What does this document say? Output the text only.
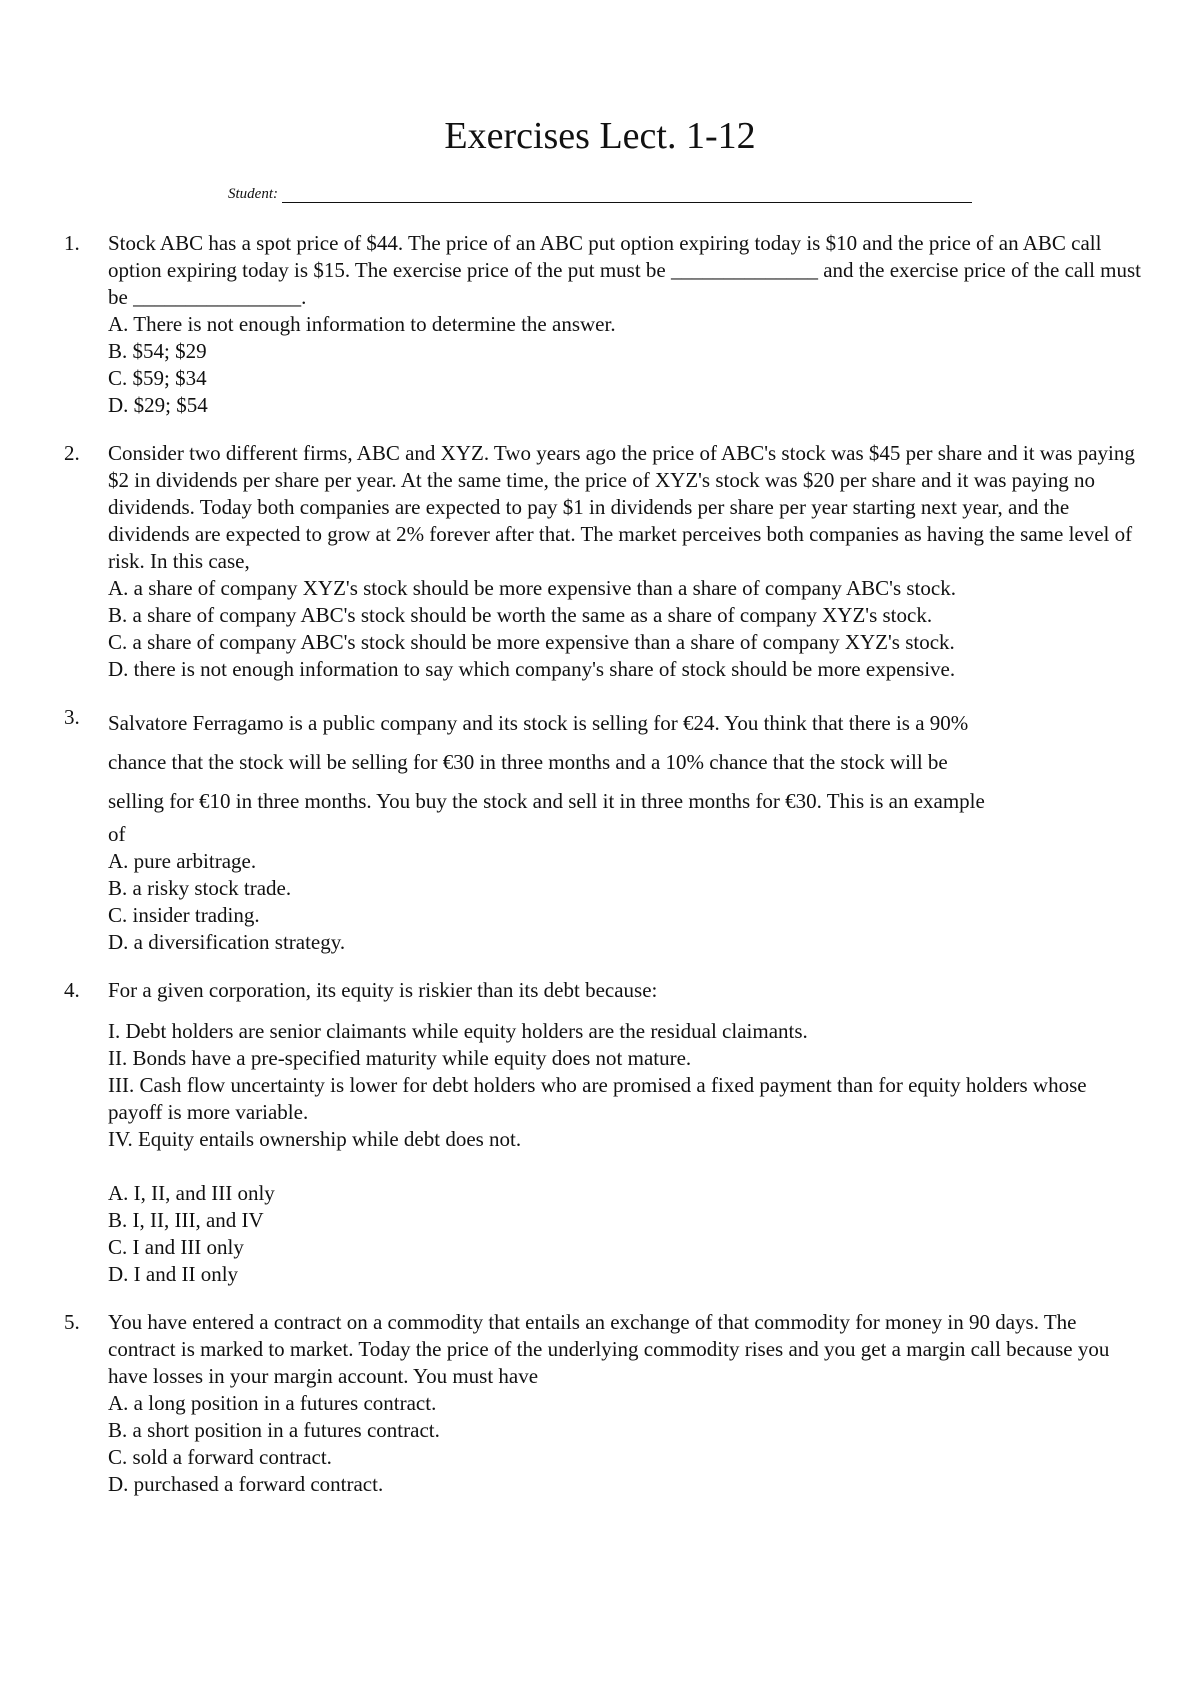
Exercises Lect. 1-12
Student:
1.	Stock ABC has a spot price of $44. The price of an ABC put option expiring today is $10 and the price of an ABC call option expiring today is $15. The exercise price of the put must be ______________ and the exercise price of the call must be ________________.

A. There is not enough information to determine the answer.
B. $54; $29
C. $59; $34
D. $29; $54
2.	Consider two different firms, ABC and XYZ. Two years ago the price of ABC's stock was $45 per share and it was paying $2 in dividends per share per year. At the same time, the price of XYZ's stock was $20 per share and it was paying no dividends. Today both companies are expected to pay $1 in dividends per share per year starting next year, and the dividends are expected to grow at 2% forever after that. The market perceives both companies as having the same level of risk. In this case,

A. a share of company XYZ's stock should be more expensive than a share of company ABC's stock.
B. a share of company ABC's stock should be worth the same as a share of company XYZ's stock.
C. a share of company ABC's stock should be more expensive than a share of company XYZ's stock.
D. there is not enough information to say which company's share of stock should be more expensive.
3.	Salvatore Ferragamo is a public company and its stock is selling for €24. You think that there is a 90%
chance that the stock will be selling for €30 in three months and a 10% chance that the stock will be
selling for €10 in three months. You buy the stock and sell it in three months for €30. This is an example
of
A. pure arbitrage.
B. a risky stock trade.
C. insider trading.
D. a diversification strategy.
4.	For a given corporation, its equity is riskier than its debt because:

I. Debt holders are senior claimants while equity holders are the residual claimants.
II. Bonds have a pre-specified maturity while equity does not mature.
III. Cash flow uncertainty is lower for debt holders who are promised a fixed payment than for equity holders whose payoff is more variable.
IV. Equity entails ownership while debt does not.
A. I, II, and III only
B. I, II, III, and IV
C. I and III only
D. I and II only
5.	You have entered a contract on a commodity that entails an exchange of that commodity for money in 90 days. The contract is marked to market. Today the price of the underlying commodity rises and you get a margin call because you have losses in your margin account. You must have

A. a long position in a futures contract.
B. a short position in a futures contract.
C. sold a forward contract.
D. purchased a forward contract.
